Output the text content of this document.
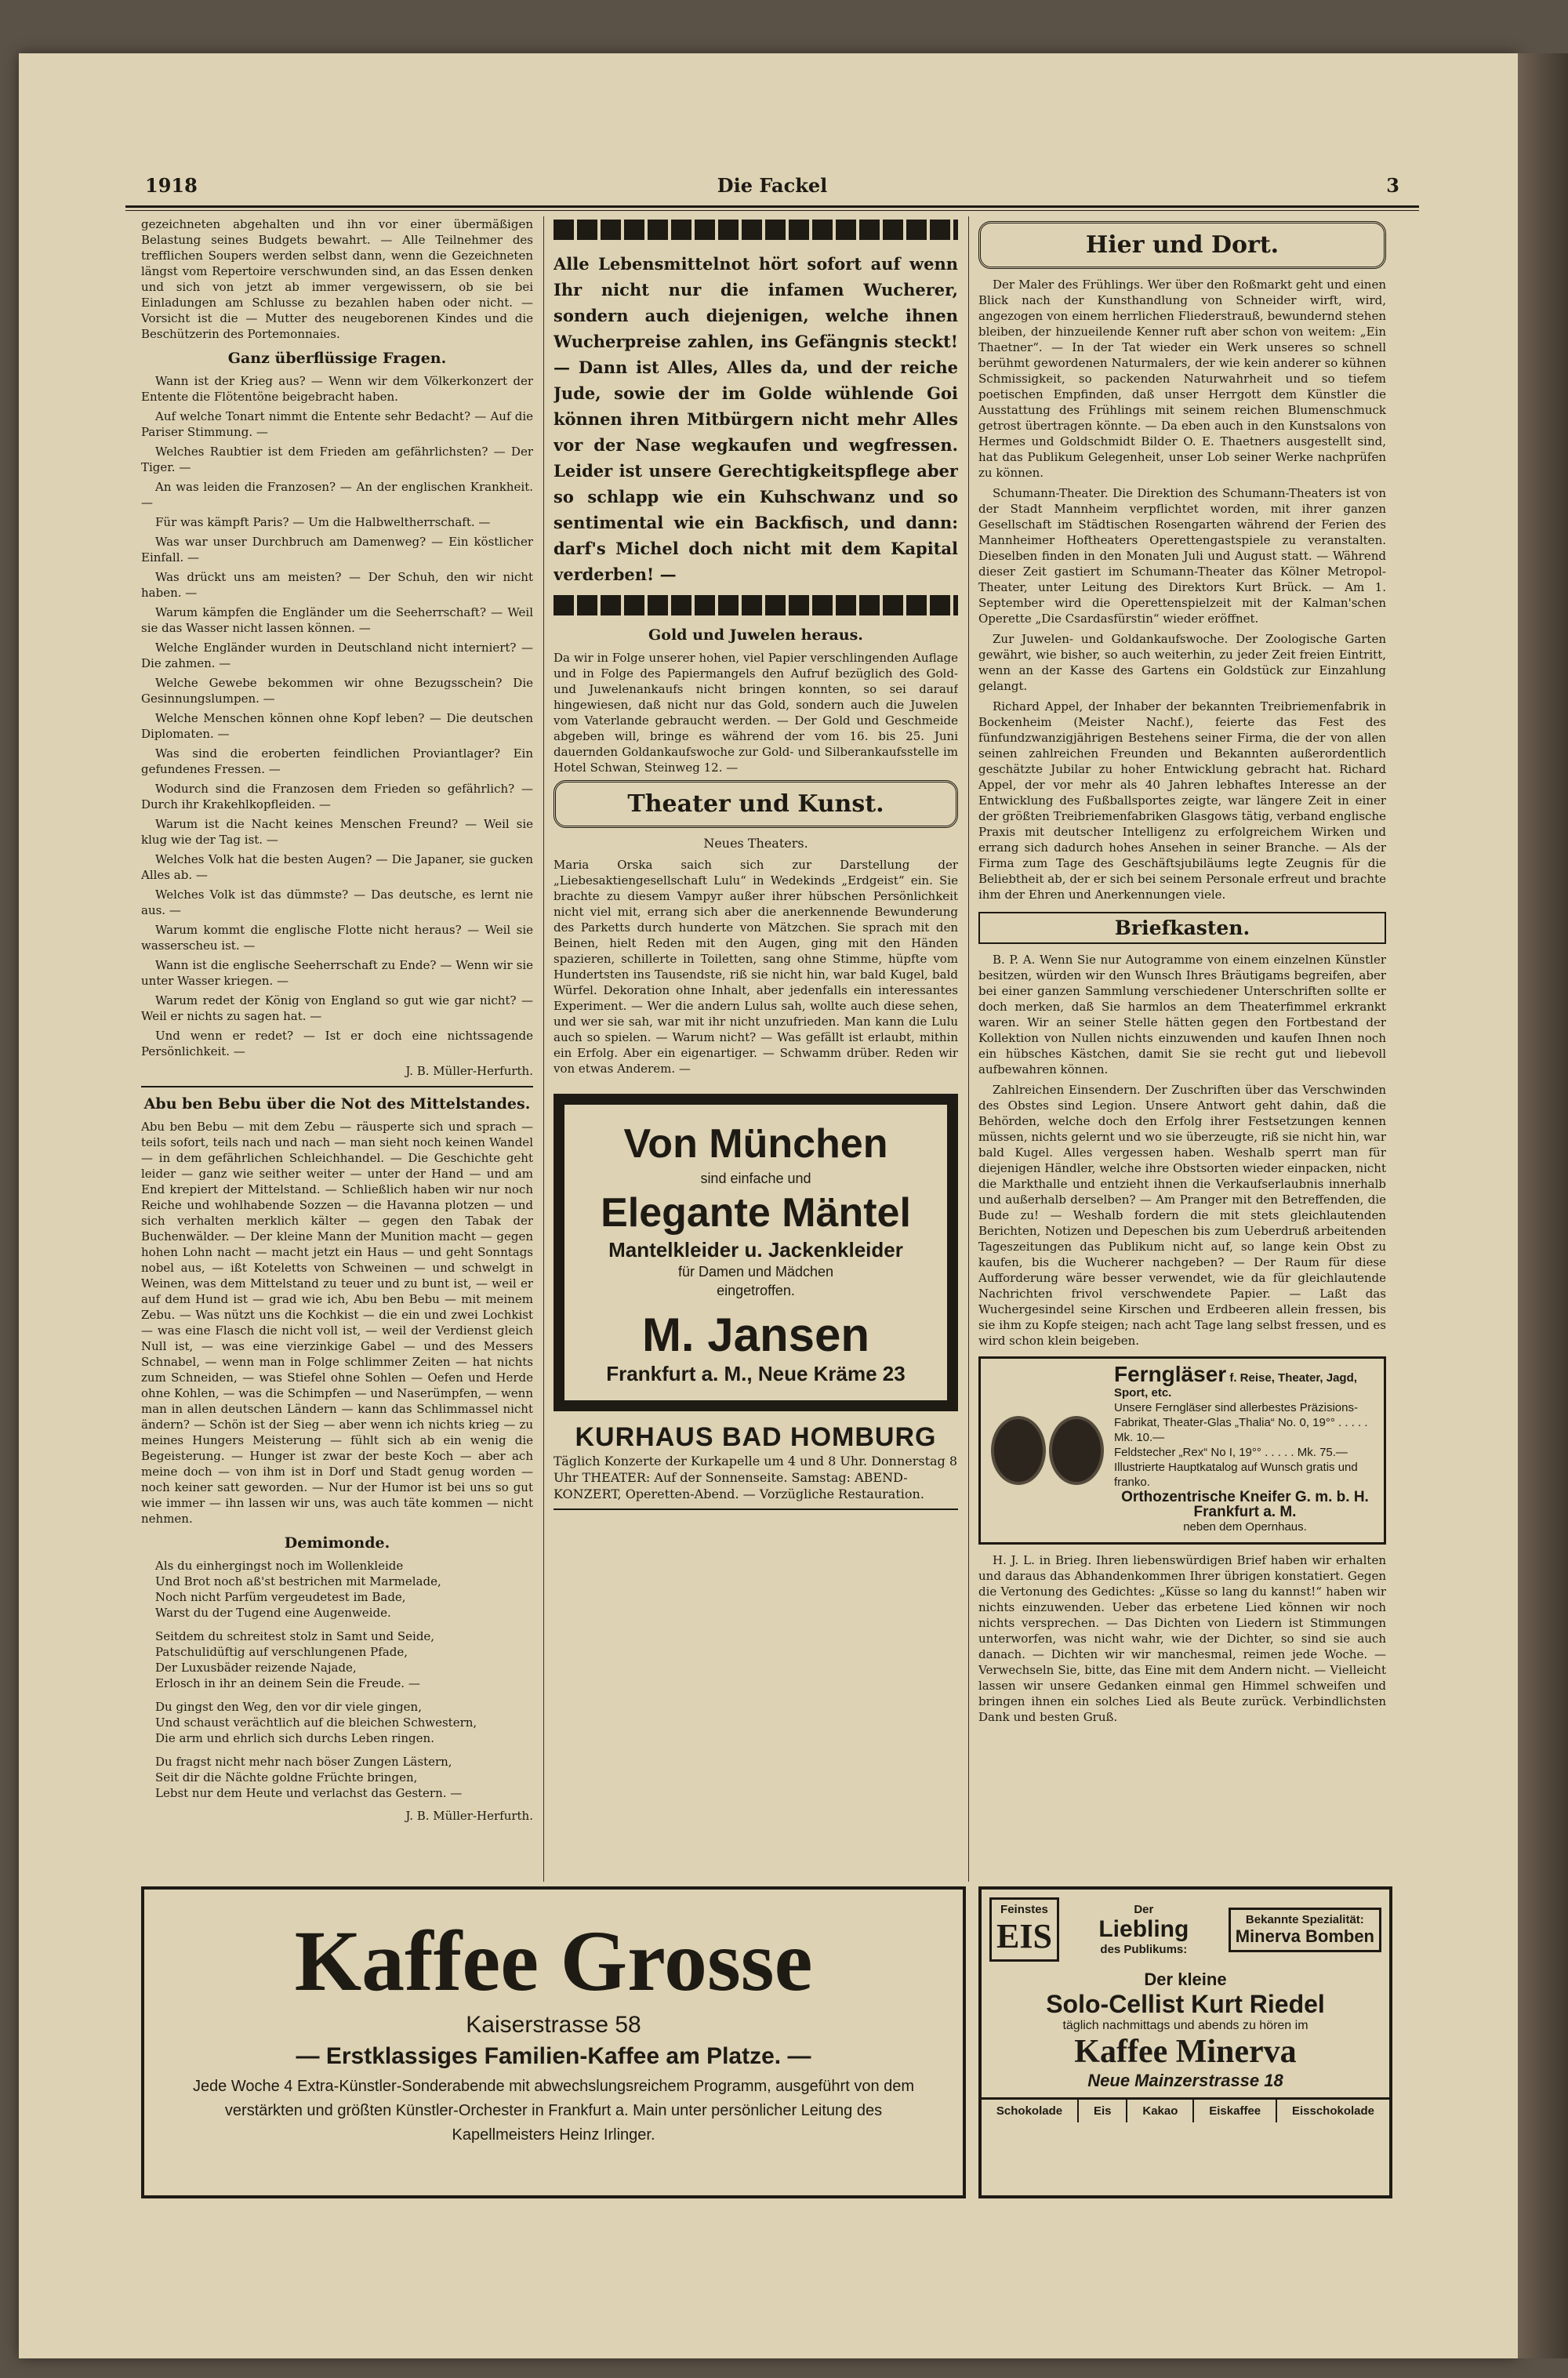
1918	Die Fackel	3
gezeichneten abgehalten und ihn vor einer übermäßigen Belastung seines Budgets bewahrt. — Alle Teilnehmer des trefflichen Soupers werden selbst dann, wenn die Gezeichneten längst vom Repertoire verschwunden sind, an das Essen denken und sich von jetzt ab immer vergewissern, ob sie bei Einladungen am Schlusse zu bezahlen haben oder nicht. — Vorsicht ist die — Mutter des neugeborenen Kindes und die Beschützerin des Portemonnaies.
Ganz überflüssige Fragen.

Wann ist der Krieg aus? — Wenn wir dem Völkerkonzert der Entente die Flötentöne beigebracht haben.

Auf welche Tonart nimmt die Entente sehr Bedacht? — Auf die Pariser Stimmung. —

Welches Raubtier ist dem Frieden am gefährlichsten? — Der Tiger. —

An was leiden die Franzosen? — An der englischen Krankheit. —

Für was kämpft Paris? — Um die Halbweltherrschaft. —

Was war unser Durchbruch am Damenweg? — Ein köstlicher Einfall. —

Was drückt uns am meisten? — Der Schuh, den wir nicht haben. —

Warum kämpfen die Engländer um die Seeherrschaft? — Weil sie das Wasser nicht lassen können. —

Welche Engländer wurden in Deutschland nicht interniert? — Die zahmen. —

Welche Gewebe bekommen wir ohne Bezugsschein? Die Gesinnungslumpen. —

Welche Menschen können ohne Kopf leben? — Die deutschen Diplomaten. —

Was sind die eroberten feindlichen Proviantlager? Ein gefundenes Fressen. —

Wodurch sind die Franzosen dem Frieden so gefährlich? — Durch ihr Krakehlkopfleiden. —

Warum ist die Nacht keines Menschen Freund? — Weil sie klug wie der Tag ist. —

Welches Volk hat die besten Augen? — Die Japaner, sie gucken Alles ab. —

Welches Volk ist das dümmste? — Das deutsche, es lernt nie aus. —

Warum kommt die englische Flotte nicht heraus? — Weil sie wasserscheu ist. —

Wann ist die englische Seeherrschaft zu Ende? — Wenn wir sie unter Wasser kriegen. —

Warum redet der König von England so gut wie gar nicht? — Weil er nichts zu sagen hat. —

Und wenn er redet? — Ist er doch eine nichtssagende Persönlichkeit. —

J. B. Müller-Herfurth.
Abu ben Bebu über die Not des Mittelstandes.
Abu ben Bebu — mit dem Zebu — räusperte sich und sprach — teils sofort, teils nach und nach — man sieht noch keinen Wandel — in dem gefährlichen Schleichhandel. — Die Geschichte geht leider — ganz wie seither weiter — unter der Hand — und am End krepiert der Mittelstand. — Schließlich haben wir nur noch Reiche und wohlhabende Sozzen — die Havanna plotzen — und sich verhalten merklich kälter — gegen den Tabak der Buchenwälder. — Der kleine Mann der Munition macht — gegen hohen Lohn nacht — macht jetzt ein Haus — und geht Sonntags nobel aus, — ißt Koteletts von Schweinen — und schwelgt in Weinen, was dem Mittelstand zu teuer und zu bunt ist, — weil er auf dem Hund ist — grad wie ich, Abu ben Bebu — mit meinem Zebu. — Was nützt uns die Kochkist — die ein und zwei Lochkist — was eine Flasch die nicht voll ist, — weil der Verdienst gleich Null ist, — was eine vierzinkige Gabel — und des Messers Schnabel, — wenn man in Folge schlimmer Zeiten — hat nichts zum Schneiden, — was Stiefel ohne Sohlen — Oefen und Herde ohne Kohlen, — was die Schimpfen — und Naserümpfen, — wenn man in allen deutschen Ländern — kann das Schlimmassel nicht ändern? — Schön ist der Sieg — aber wenn ich nichts krieg — zu meines Hungers Meisterung — fühlt sich ab ein wenig die Begeisterung. — Hunger ist zwar der beste Koch — aber ach meine doch — von ihm ist in Dorf und Stadt genug worden — noch keiner satt geworden. — Nur der Humor ist bei uns so gut wie immer — ihn lassen wir uns, was auch täte kommen — nicht nehmen.
Demimonde.
Als du einhergingst noch im Wollenkleide
Und Brot noch aß'st bestrichen mit Marmelade,
Noch nicht Parfüm vergeudetest im Bade,
Warst du der Tugend eine Augenweide.
Seitdem du schreitest stolz in Samt und Seide,
Patschulidüftig auf verschlungenen Pfade,
Der Luxusbäder reizende Najade,
Erlosch in ihr an deinem Sein die Freude. —
Du gingst den Weg, den vor dir viele gingen,
Und schaust verächtlich auf die bleichen Schwestern,
Die arm und ehrlich sich durchs Leben ringen.
Du fragst nicht mehr nach böser Zungen Lästern,
Seit dir die Nächte goldne Früchte bringen,
Lebst nur dem Heute und verlachst das Gestern. —
J. B. Müller-Herfurth.
Alle Lebensmittelnot hört sofort auf wenn Ihr nicht nur die infamen Wucherer, sondern auch diejenigen, welche ihnen Wucherpreise zahlen, ins Gefängnis steckt! — Dann ist Alles, Alles da, und der reiche Jude, sowie der im Golde wühlende Goi können ihren Mitbürgern nicht mehr Alles vor der Nase wegkaufen und wegfressen. Leider ist unsere Gerechtigkeitspflege aber so schlapp wie ein Kuhschwanz und so sentimental wie ein Backfisch, und dann: darf's Michel doch nicht mit dem Kapital verderben! —
Gold und Juwelen heraus.
Da wir in Folge unserer hohen, viel Papier verschlingenden Auflage und in Folge des Papiermangels den Aufruf bezüglich des Gold- und Juwelenankaufs nicht bringen konnten, so sei darauf hingewiesen, daß nicht nur das Gold, sondern auch die Juwelen vom Vaterlande gebraucht werden. — Der Gold und Geschmeide abgeben will, bringe es während der vom 16. bis 25. Juni dauernden Goldankaufswoche zur Gold- und Silberankaufsstelle im Hotel Schwan, Steinweg 12. —
Theater und Kunst.
Neues Theaters.
Maria Orska saich sich zur Darstellung der „Liebesaktiengesellschaft Lulu“ in Wedekinds „Erdgeist“ ein. Sie brachte zu diesem Vampyr außer ihrer hübschen Persönlichkeit nicht viel mit, errang sich aber die anerkennende Bewunderung des Parketts durch hunderte von Mätzchen. Sie sprach mit den Beinen, hielt Reden mit den Augen, ging mit den Händen spazieren, schillerte in Toiletten, sang ohne Stimme, hüpfte vom Hundertsten ins Tausendste, riß sie nicht hin, war bald Kugel, bald Würfel. Dekoration ohne Inhalt, aber jedenfalls ein interessantes Experiment. — Wer die andern Lulus sah, wollte auch diese sehen, und wer sie sah, war mit ihr nicht unzufrieden. Man kann die Lulu auch so spielen. — Warum nicht? — Was gefällt ist erlaubt, mithin ein Erfolg. Aber ein eigenartiger. — Schwamm drüber. Reden wir von etwas Anderem. —
Von München
sind einfache und
Elegante Mäntel
Mantelkleider u. Jackenkleider
für Damen und Mädchen
eingetroffen.
M. Jansen
Frankfurt a. M., Neue Kräme 23
KURHAUS BAD HOMBURG
Täglich Konzerte der Kurkapelle um 4 und 8 Uhr. Donnerstag 8 Uhr THEATER: Auf der Sonnenseite. Samstag: ABEND-KONZERT, Operetten-Abend. — Vorzügliche Restauration.
Hier und Dort.

Der Maler des Frühlings. Wer über den Roßmarkt geht und einen Blick nach der Kunsthandlung von Schneider wirft, wird, angezogen von einem herrlichen Fliederstrauß, bewundernd stehen bleiben, der hinzueilende Kenner ruft aber schon von weitem: „Ein Thaetner“. — In der Tat wieder ein Werk unseres so schnell berühmt gewordenen Naturmalers, der wie kein anderer so kühnen Schmissigkeit, so packenden Naturwahrheit und so tiefem poetischen Empfinden, daß unser Herrgott dem Künstler die Ausstattung des Frühlings mit seinem reichen Blumenschmuck getrost übertragen könnte. — Da eben auch in den Kunstsalons von Hermes und Goldschmidt Bilder O. E. Thaetners ausgestellt sind, hat das Publikum Gelegenheit, unser Lob seiner Werke nachprüfen zu können.

Schumann-Theater. Die Direktion des Schumann-Theaters ist von der Stadt Mannheim verpflichtet worden, mit ihrer ganzen Gesellschaft im Städtischen Rosengarten während der Ferien des Mannheimer Hoftheaters Operettengastspiele zu veranstalten. Dieselben finden in den Monaten Juli und August statt. — Während dieser Zeit gastiert im Schumann-Theater das Kölner Metropol-Theater, unter Leitung des Direktors Kurt Brück. — Am 1. September wird die Operettenspielzeit mit der Kalman'schen Operette „Die Csardasfürstin“ wieder eröffnet.

Zur Juwelen- und Goldankaufswoche. Der Zoologische Garten gewährt, wie bisher, so auch weiterhin, zu jeder Zeit freien Eintritt, wenn an der Kasse des Gartens ein Goldstück zur Einzahlung gelangt.

Richard Appel, der Inhaber der bekannten Treibriemenfabrik in Bockenheim (Meister Nachf.), feierte das Fest des fünfundzwanzigjährigen Bestehens seiner Firma, die der von allen seinen zahlreichen Freunden und Bekannten außerordentlich geschätzte Jubilar zu hoher Entwicklung gebracht hat. Richard Appel, der vor mehr als 40 Jahren lebhaftes Interesse an der Entwicklung des Fußballsportes zeigte, war längere Zeit in einer der größten Treibriemenfabriken Glasgows tätig, verband englische Praxis mit deutscher Intelligenz zu erfolgreichem Wirken und errang sich dadurch hohes Ansehen in seiner Branche. — Als der Firma zum Tage des Geschäftsjubiläums legte Zeugnis für die Beliebtheit ab, der er sich bei seinem Personale erfreut und brachte ihm der Ehren und Anerkennungen viele.

Briefkasten.

B. P. A. Wenn Sie nur Autogramme von einem einzelnen Künstler besitzen, würden wir den Wunsch Ihres Bräutigams begreifen, aber bei einer ganzen Sammlung verschiedener Unterschriften sollte er doch merken, daß Sie harmlos an dem Theaterfimmel erkrankt waren. Wir an seiner Stelle hätten gegen den Fortbestand der Kollektion von Nullen nichts einzuwenden und kaufen Ihnen noch ein hübsches Kästchen, damit Sie sie recht gut und liebevoll aufbewahren können.

Zahlreichen Einsendern. Der Zuschriften über das Verschwinden des Obstes sind Legion. Unsere Antwort geht dahin, daß die Behörden, welche doch den Erfolg ihrer Festsetzungen kennen müssen, nichts gelernt und wo sie überzeugte, riß sie nicht hin, war bald Kugel. Alles vergessen haben. Weshalb sperrt man für diejenigen Händler, welche ihre Obstsorten wieder einpacken, nicht die Markthalle und entzieht ihnen die Verkaufserlaubnis innerhalb und außerhalb derselben? — Am Pranger mit den Betreffenden, die Bude zu! — Weshalb fordern die mit stets gleichlautenden Berichten, Notizen und Depeschen bis zum Ueberdruß arbeitenden Tageszeitungen das Publikum nicht auf, so lange kein Obst zu kaufen, bis die Wucherer nachgeben? — Der Raum für diese Aufforderung wäre besser verwendet, wie da für gleichlautende Nachrichten frivol verschwendete Papier. — Laßt das Wuchergesindel seine Kirschen und Erdbeeren allein fressen, bis sie ihm zu Kopfe steigen; nach acht Tage lang selbst fressen, und es wird schon klein beigeben.

Ferngläser f. Reise, Theater, Jagd, Sport, etc.
Unsere Ferngläser sind allerbestes Präzisions-Fabrikat, Theater-Glas „Thalia“ No. 0, 19°° . . . . . Mk. 10.—
Feldstecher „Rex“ No I, 19°° . . . . . Mk. 75.—
Illustrierte Hauptkatalog auf Wunsch gratis und franko.
Orthozentrische Kneifer G. m. b. H. Frankfurt a. M.
neben dem Opernhaus.

H. J. L. in Brieg. Ihren liebenswürdigen Brief haben wir erhalten und daraus das Abhandenkommen Ihrer übrigen konstatiert. Gegen die Vertonung des Gedichtes: „Küsse so lang du kannst!“ haben wir nichts einzuwenden. Ueber das erbetene Lied können wir noch nichts versprechen. — Das Dichten von Liedern ist Stimmungen unterworfen, was nicht wahr, wie der Dichter, so sind sie auch danach. — Dichten wir wir manchesmal, reimen jede Woche. — Verwechseln Sie, bitte, das Eine mit dem Andern nicht. — Vielleicht lassen wir unsere Gedanken einmal gen Himmel schweifen und bringen ihnen ein solches Lied als Beute zurück. Verbindlichsten Dank und besten Gruß.

Kaffee Grosse
Kaiserstrasse 58
— Erstklassiges Familien-Kaffee am Platze. —
Jede Woche 4 Extra-Künstler-Sonderabende mit abwechslungsreichem Programm, ausgeführt von dem verstärkten und größten Künstler-Orchester in Frankfurt a. Main unter persönlicher Leitung des Kapellmeisters Heinz Irlinger.
Feinstes
EIS
Der
Liebling
des Publikums:
Bekannte Spezialität:
Minerva Bomben
Der kleine
Solo-Cellist Kurt Riedel
täglich nachmittags und abends zu hören im
Kaffee Minerva
Neue Mainzerstrasse 18
Schokolade	Eis	Kakao	Eiskaffee	Eisschokolade
